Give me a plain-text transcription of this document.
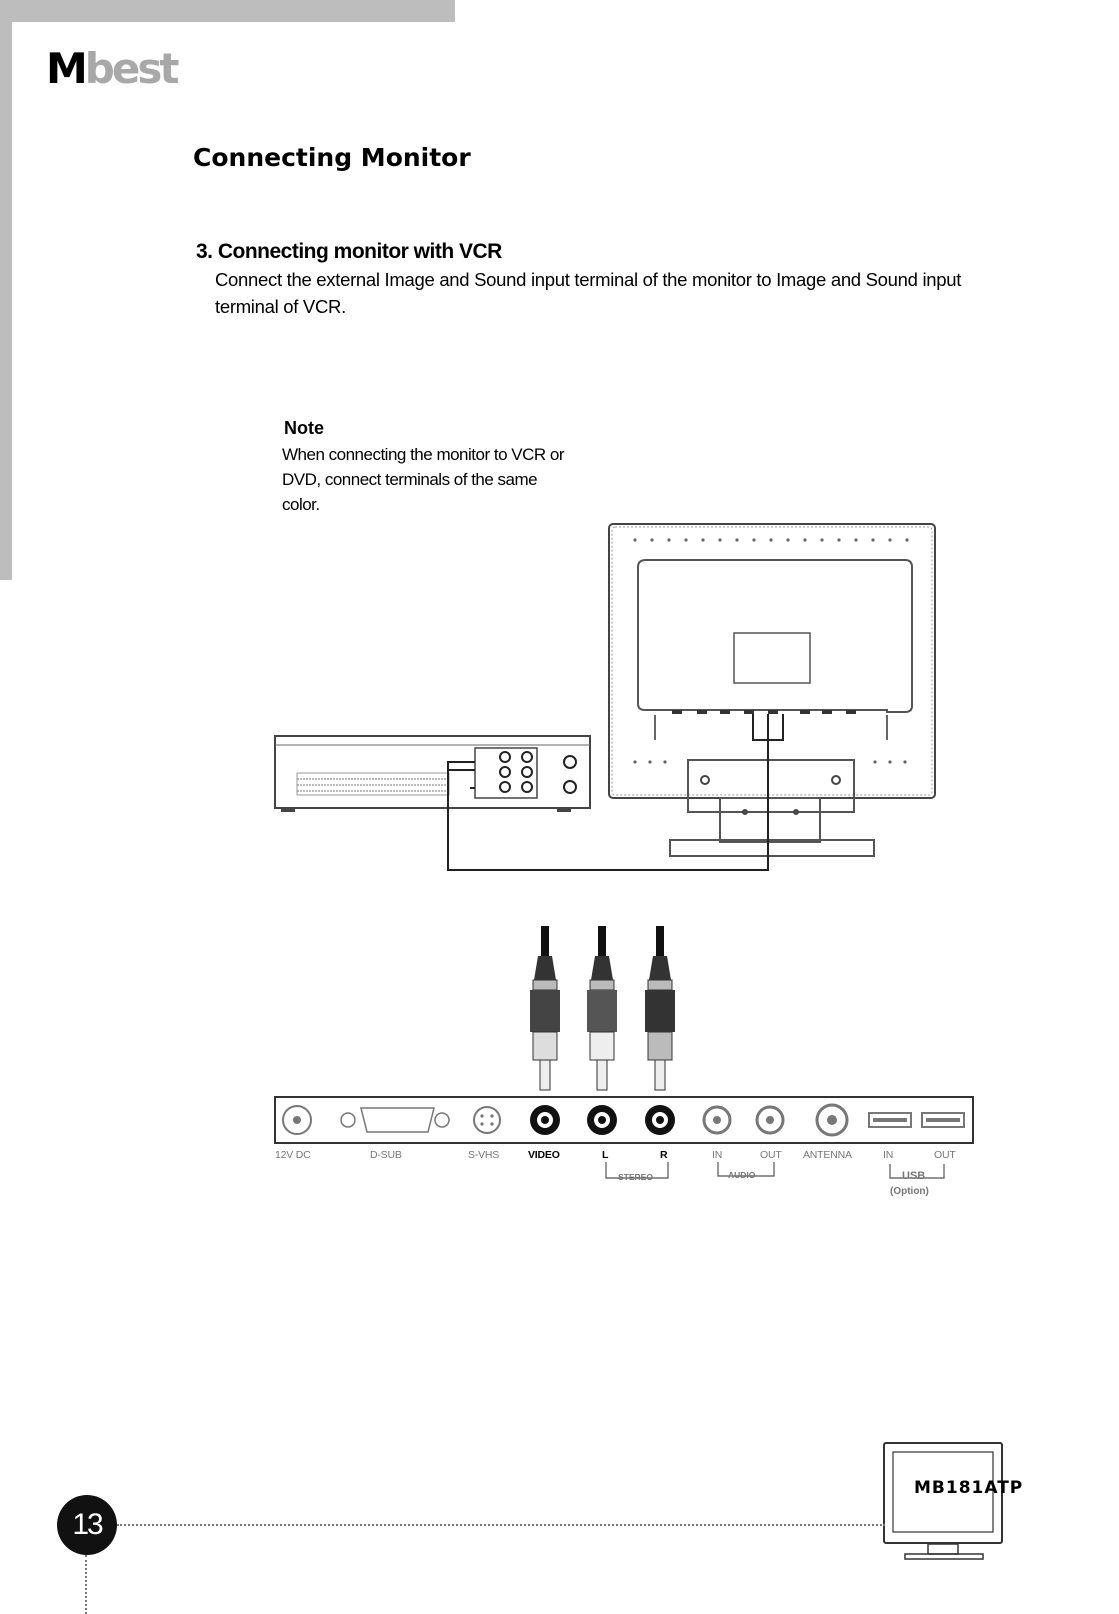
Mbest
Connecting Monitor
3. Connecting monitor with VCR
Connect the external Image and Sound input terminal of the monitor to Image and Sound input terminal of VCR.
Note
When connecting the monitor to VCR or DVD, connect terminals of the same color.
12V DC	D-SUB	S-VHS	VIDEO	L	R	IN	OUT ANTENNA	IN	OUT
STEREO	AUDIO	USB
(Option)
13
MB181ATP
